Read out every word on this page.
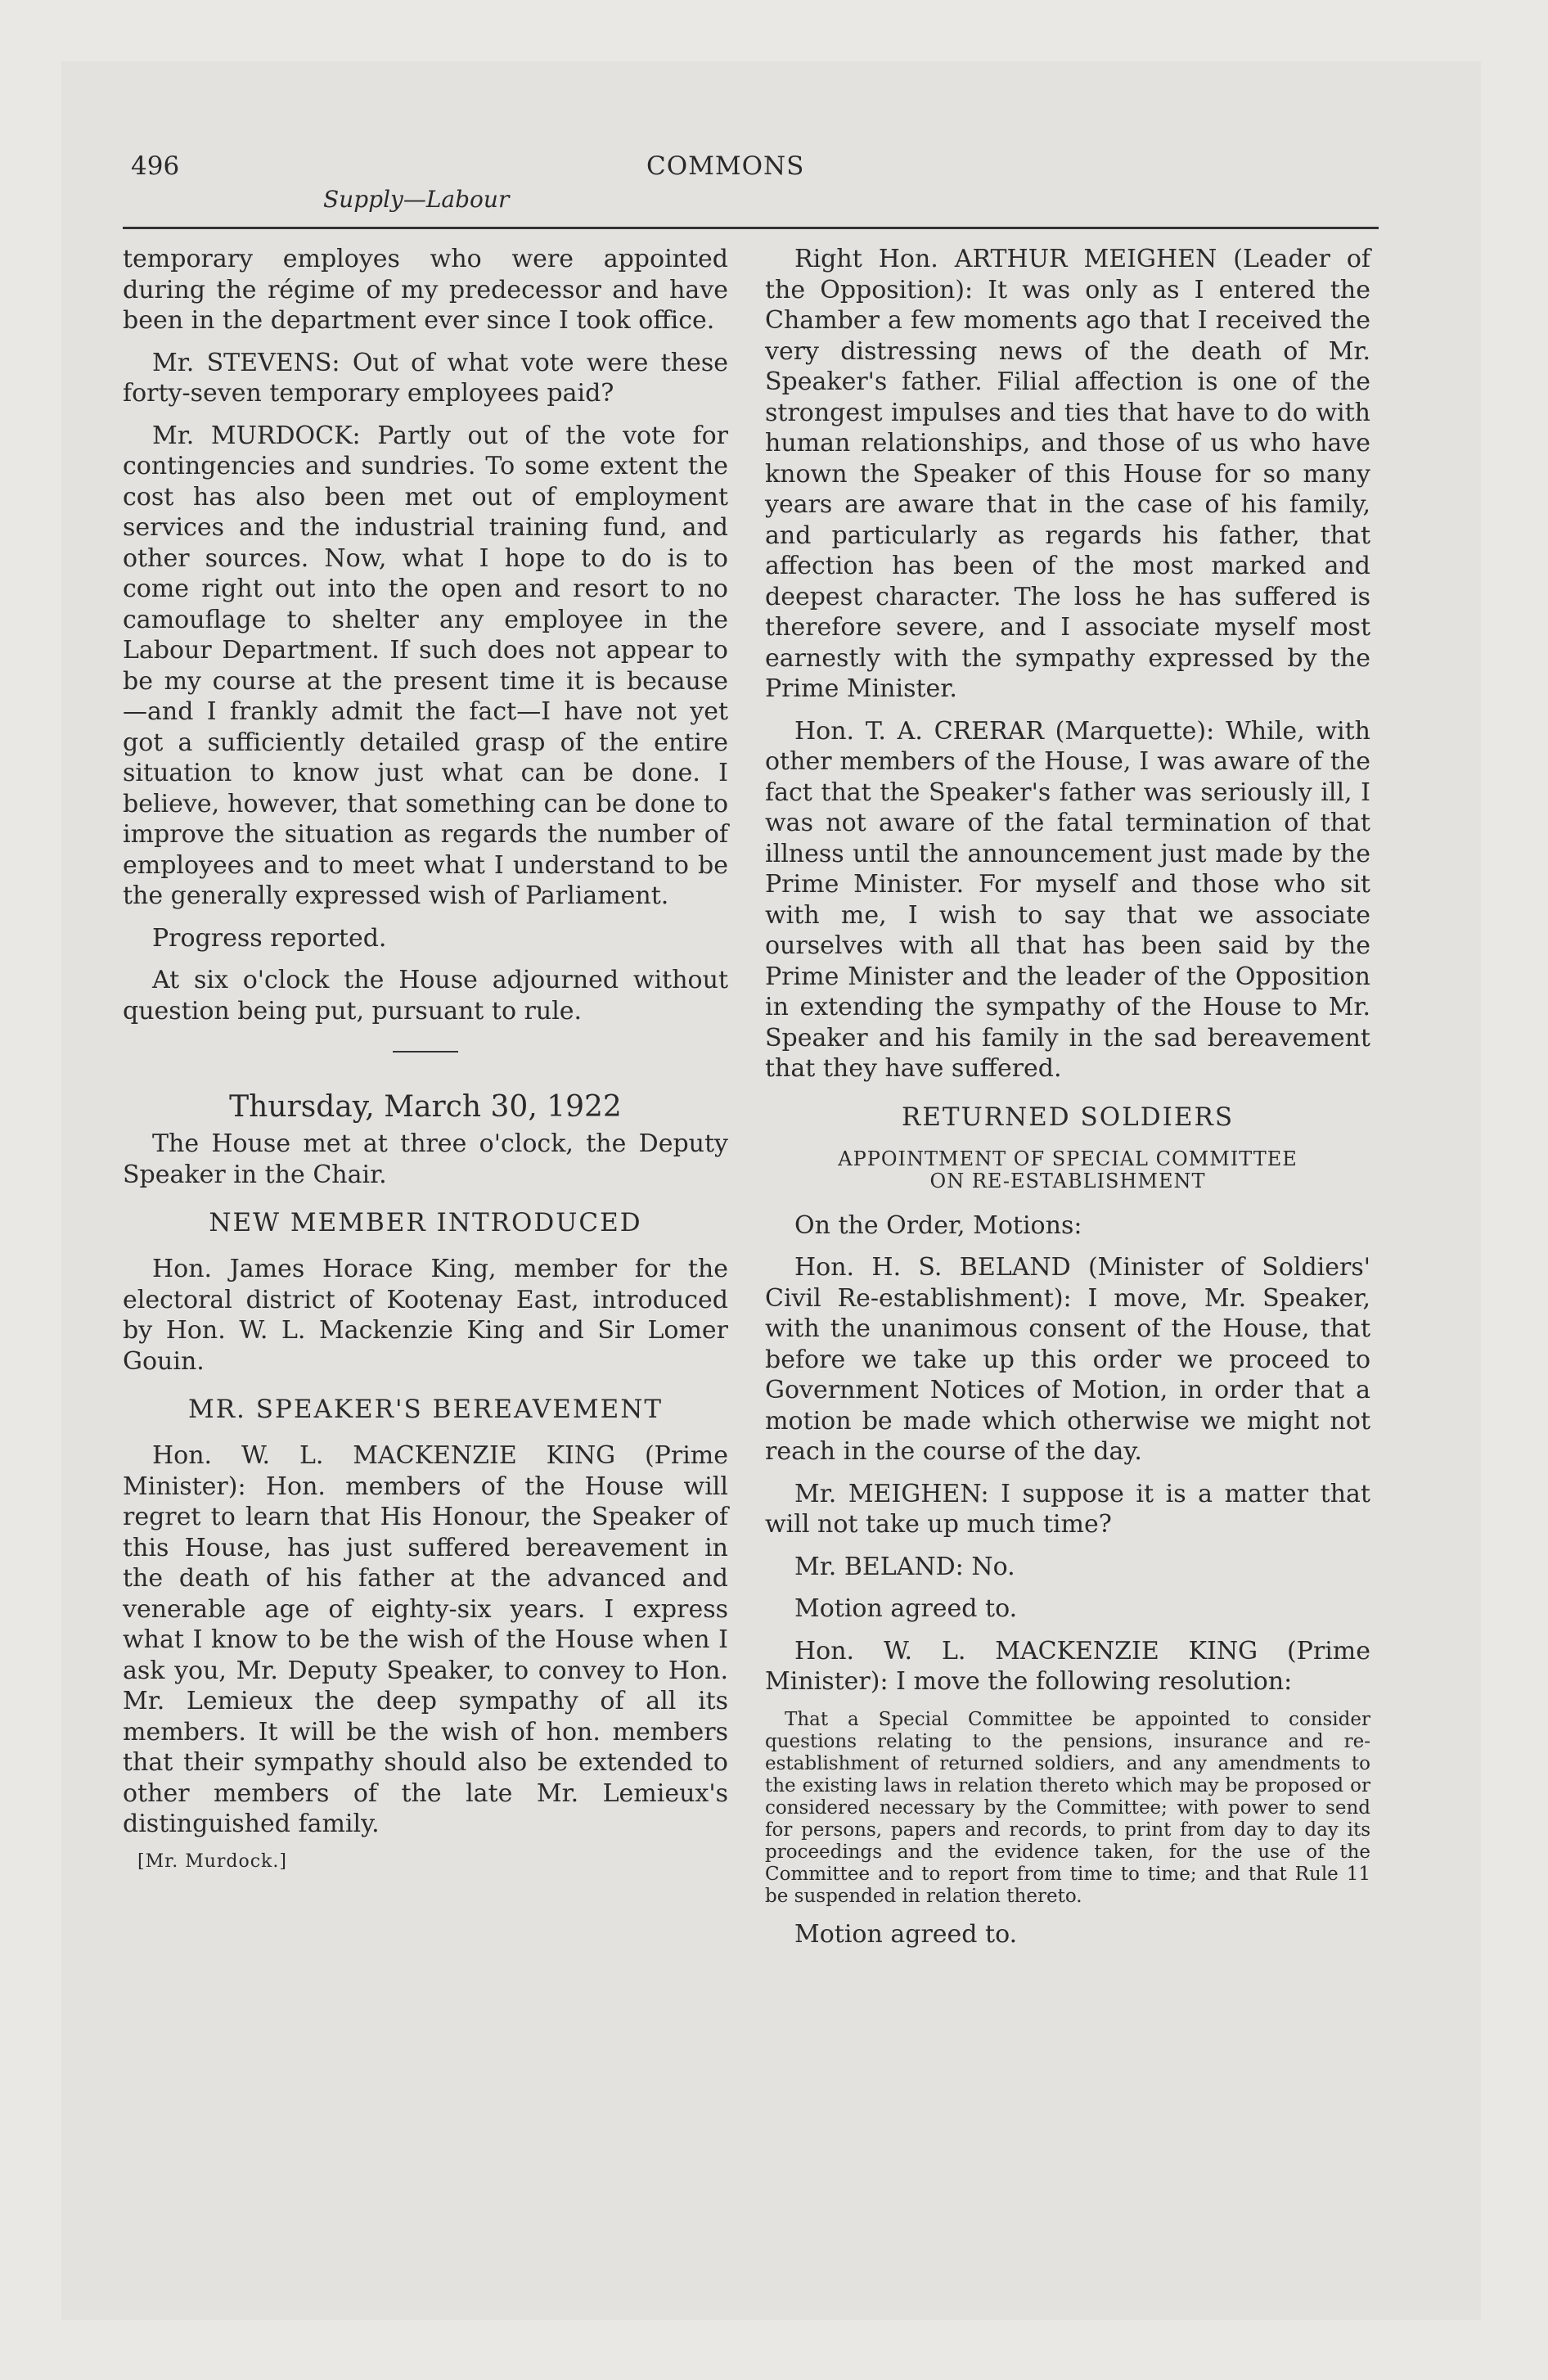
496	COMMONS
Supply—Labour

temporary employes who were appointed during the régime of my predecessor and have been in the department ever since I took office.

Mr. STEVENS: Out of what vote were these forty-seven temporary employees paid?

Mr. MURDOCK: Partly out of the vote for contingencies and sundries. To some extent the cost has also been met out of employment services and the industrial training fund, and other sources. Now, what I hope to do is to come right out into the open and resort to no camouflage to shelter any employee in the Labour Department. If such does not appear to be my course at the present time it is because —and I frankly admit the fact—I have not yet got a sufficiently detailed grasp of the entire situation to know just what can be done. I believe, however, that something can be done to improve the situation as regards the number of employees and to meet what I understand to be the generally expressed wish of Parliament.

Progress reported.

At six o'clock the House adjourned without question being put, pursuant to rule.

Thursday, March 30, 1922

The House met at three o'clock, the Deputy Speaker in the Chair.

NEW MEMBER INTRODUCED

Hon. James Horace King, member for the electoral district of Kootenay East, introduced by Hon. W. L. Mackenzie King and Sir Lomer Gouin.

MR. SPEAKER'S BEREAVEMENT

Hon. W. L. MACKENZIE KING (Prime Minister): Hon. members of the House will regret to learn that His Honour, the Speaker of this House, has just suffered bereavement in the death of his father at the advanced and venerable age of eighty-six years. I express what I know to be the wish of the House when I ask you, Mr. Deputy Speaker, to convey to Hon. Mr. Lemieux the deep sympathy of all its members. It will be the wish of hon. members that their sympathy should also be extended to other members of the late Mr. Lemieux's distinguished family.

[Mr. Murdock.]

Right Hon. ARTHUR MEIGHEN (Leader of the Opposition): It was only as I entered the Chamber a few moments ago that I received the very distressing news of the death of Mr. Speaker's father. Filial affection is one of the strongest impulses and ties that have to do with human relationships, and those of us who have known the Speaker of this House for so many years are aware that in the case of his family, and particularly as regards his father, that affection has been of the most marked and deepest character. The loss he has suffered is therefore severe, and I associate myself most earnestly with the sympathy expressed by the Prime Minister.

Hon. T. A. CRERAR (Marquette): While, with other members of the House, I was aware of the fact that the Speaker's father was seriously ill, I was not aware of the fatal termination of that illness until the announcement just made by the Prime Minister. For myself and those who sit with me, I wish to say that we associate ourselves with all that has been said by the Prime Minister and the leader of the Opposition in extending the sympathy of the House to Mr. Speaker and his family in the sad bereavement that they have suffered.

RETURNED SOLDIERS
APPOINTMENT OF SPECIAL COMMITTEE
ON RE-ESTABLISHMENT

On the Order, Motions:

Hon. H. S. BELAND (Minister of Soldiers' Civil Re-establishment): I move, Mr. Speaker, with the unanimous consent of the House, that before we take up this order we proceed to Government Notices of Motion, in order that a motion be made which otherwise we might not reach in the course of the day.

Mr. MEIGHEN: I suppose it is a matter that will not take up much time?

Mr. BELAND: No.

Motion agreed to.

Hon. W. L. MACKENZIE KING (Prime Minister): I move the following resolution:

That a Special Committee be appointed to consider questions relating to the pensions, insurance and re-establishment of returned soldiers, and any amendments to the existing laws in relation thereto which may be proposed or considered necessary by the Committee; with power to send for persons, papers and records, to print from day to day its proceedings and the evidence taken, for the use of the Committee and to report from time to time; and that Rule 11 be suspended in relation thereto.

Motion agreed to.
